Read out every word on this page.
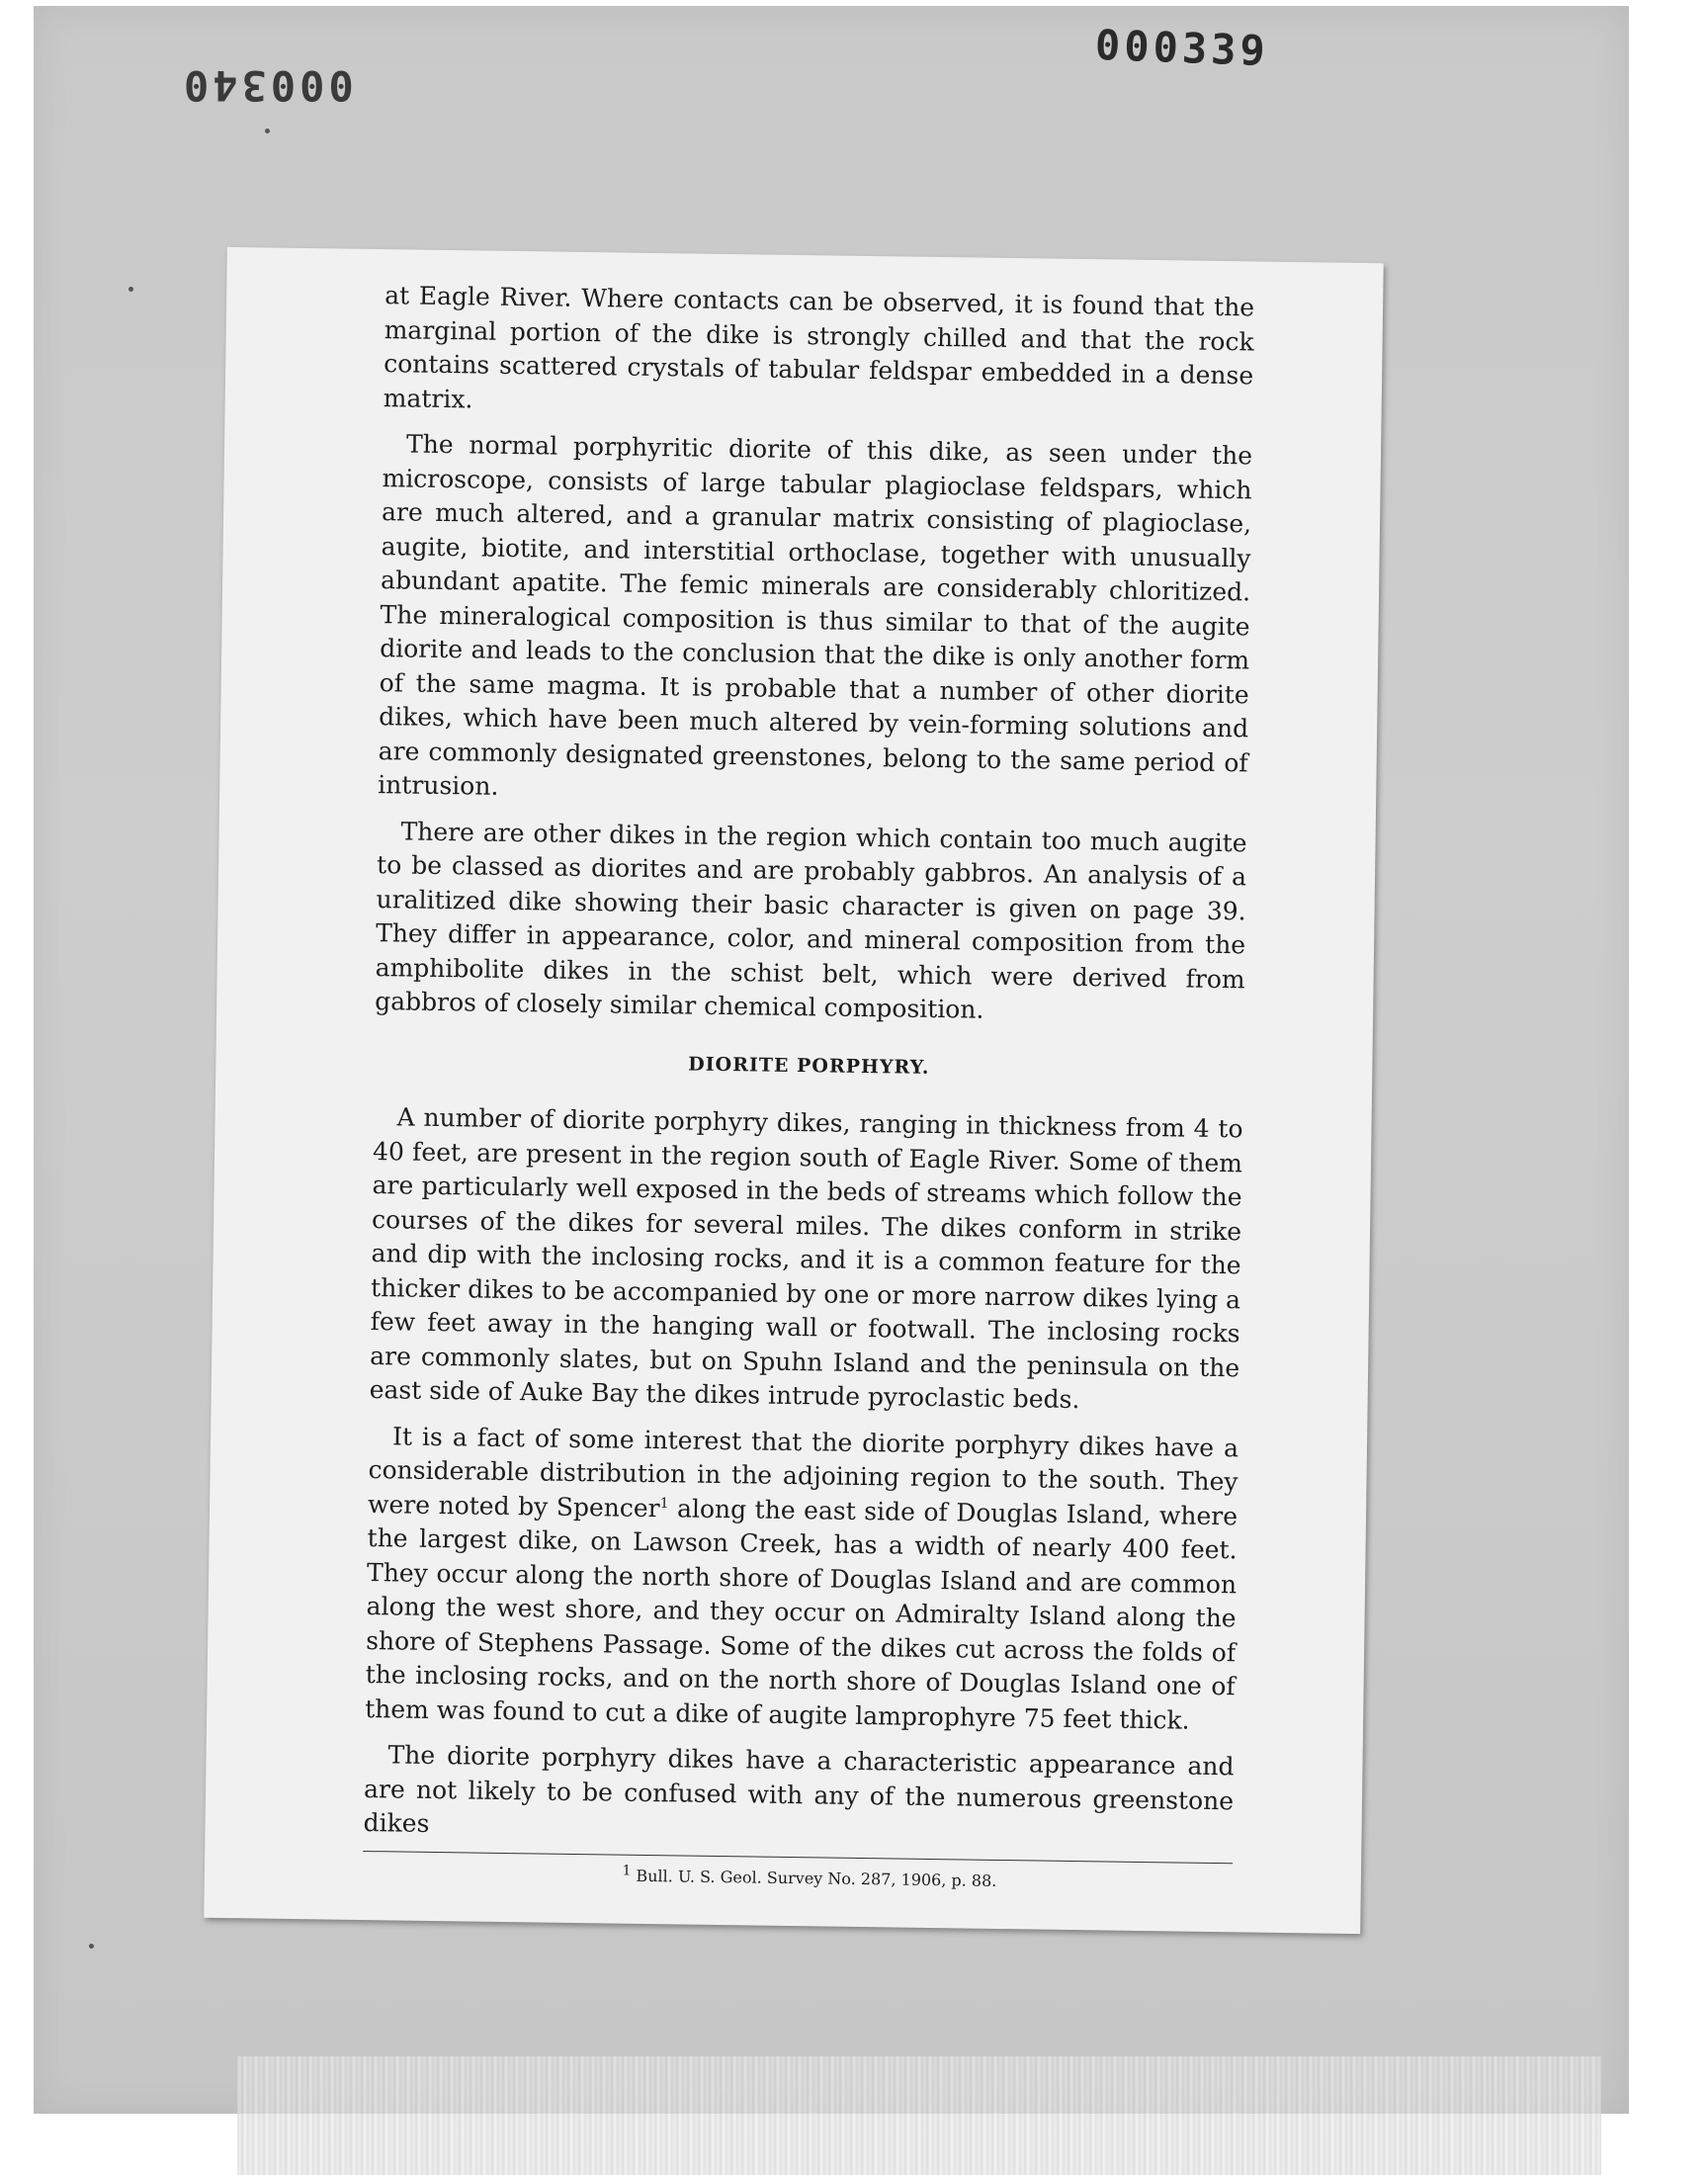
000339
000340

at Eagle River. Where contacts can be observed, it is found that the marginal portion of the dike is strongly chilled and that the rock contains scattered crystals of tabular feldspar embedded in a dense matrix.

The normal porphyritic diorite of this dike, as seen under the microscope, consists of large tabular plagioclase feldspars, which are much altered, and a granular matrix consisting of plagioclase, augite, biotite, and interstitial orthoclase, together with unusually abundant apatite. The femic minerals are considerably chloritized. The mineralogical composition is thus similar to that of the augite diorite and leads to the conclusion that the dike is only another form of the same magma. It is probable that a number of other diorite dikes, which have been much altered by vein-forming solutions and are commonly designated greenstones, belong to the same period of intrusion.

There are other dikes in the region which contain too much augite to be classed as diorites and are probably gabbros. An analysis of a uralitized dike showing their basic character is given on page 39. They differ in appearance, color, and mineral composition from the amphibolite dikes in the schist belt, which were derived from gabbros of closely similar chemical composition.

DIORITE PORPHYRY.

A number of diorite porphyry dikes, ranging in thickness from 4 to 40 feet, are present in the region south of Eagle River. Some of them are particularly well exposed in the beds of streams which follow the courses of the dikes for several miles. The dikes conform in strike and dip with the inclosing rocks, and it is a common feature for the thicker dikes to be accompanied by one or more narrow dikes lying a few feet away in the hanging wall or footwall. The inclosing rocks are commonly slates, but on Spuhn Island and the peninsula on the east side of Auke Bay the dikes intrude pyroclastic beds.

It is a fact of some interest that the diorite porphyry dikes have a considerable distribution in the adjoining region to the south. They were noted by Spencer$^1$ along the east side of Douglas Island, where the largest dike, on Lawson Creek, has a width of nearly 400 feet. They occur along the north shore of Douglas Island and are common along the west shore, and they occur on Admiralty Island along the shore of Stephens Passage. Some of the dikes cut across the folds of the inclosing rocks, and on the north shore of Douglas Island one of them was found to cut a dike of augite lamprophyre 75 feet thick.

The diorite porphyry dikes have a characteristic appearance and are not likely to be confused with any of the numerous greenstone dikes

$^1$ Bull. U. S. Geol. Survey No. 287, 1906, p. 88.
